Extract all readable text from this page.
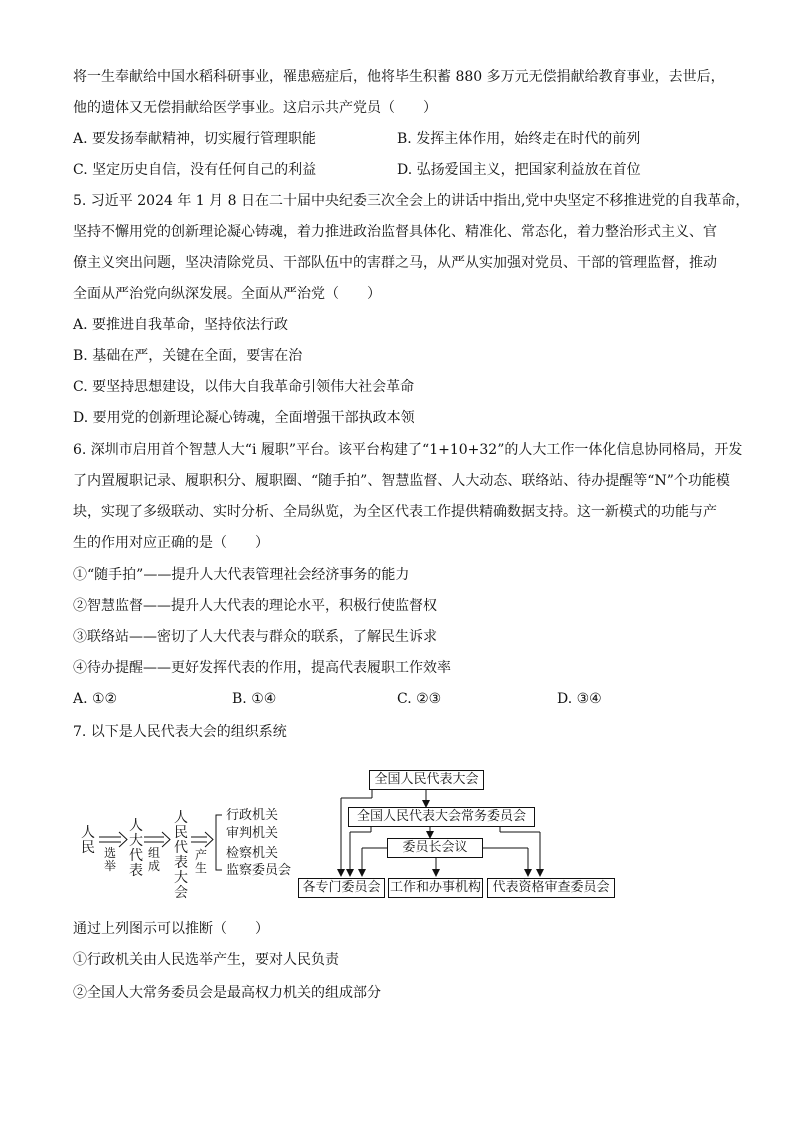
将一生奉献给中国水稻科研事业，罹患癌症后，他将毕生积蓄 880 多万元无偿捐献给教育事业，去世后，
他的遗体又无偿捐献给医学事业。这启示共产党员（　　）
A. 要发扬奉献精神，切实履行管理职能	B. 发挥主体作用，始终走在时代的前列
C. 坚定历史自信，没有任何自己的利益	D. 弘扬爱国主义，把国家利益放在首位
5. 习近平 2024 年 1 月 8 日在二十届中央纪委三次全会上的讲话中指出,党中央坚定不移推进党的自我革命，
坚持不懈用党的创新理论凝心铸魂，着力推进政治监督具体化、精准化、常态化，着力整治形式主义、官
僚主义突出问题，坚决清除党员、干部队伍中的害群之马，从严从实加强对党员、干部的管理监督，推动
全面从严治党向纵深发展。全面从严治党（　　）
A. 要推进自我革命，坚持依法行政
B. 基础在严，关键在全面，要害在治
C. 要坚持思想建设，以伟大自我革命引领伟大社会革命
D. 要用党的创新理论凝心铸魂，全面增强干部执政本领
6. 深圳市启用首个智慧人大“i 履职”平台。该平台构建了“1+10+32”的人大工作一体化信息协同格局，开发
了内置履职记录、履职积分、履职圈、“随手拍”、智慧监督、人大动态、联络站、待办提醒等“N”个功能模
块，实现了多级联动、实时分析、全局纵览，为全区代表工作提供精确数据支持。这一新模式的功能与产
生的作用对应正确的是（　　）
①“随手拍”——提升人大代表管理社会经济事务的能力
②智慧监督——提升人大代表的理论水平，积极行使监督权
③联络站——密切了人大代表与群众的联系，了解民生诉求
④待办提醒——更好发挥代表的作用，提高代表履职工作效率
A. ①②	B. ①④	C. ②③	D. ③④
7. 以下是人民代表大会的组织系统
人民 选举
人大代表
组成
人民代表大会
产生
行政机关
审判机关
检察机关
监察委员会
全国人民代表大会
全国人民代表大会常务委员会
委员长会议
各专门委员会 工作和办事机构 代表资格审查委员会
通过上列图示可以推断（　　）
①行政机关由人民选举产生，要对人民负责
②全国人大常务委员会是最高权力机关的组成部分
